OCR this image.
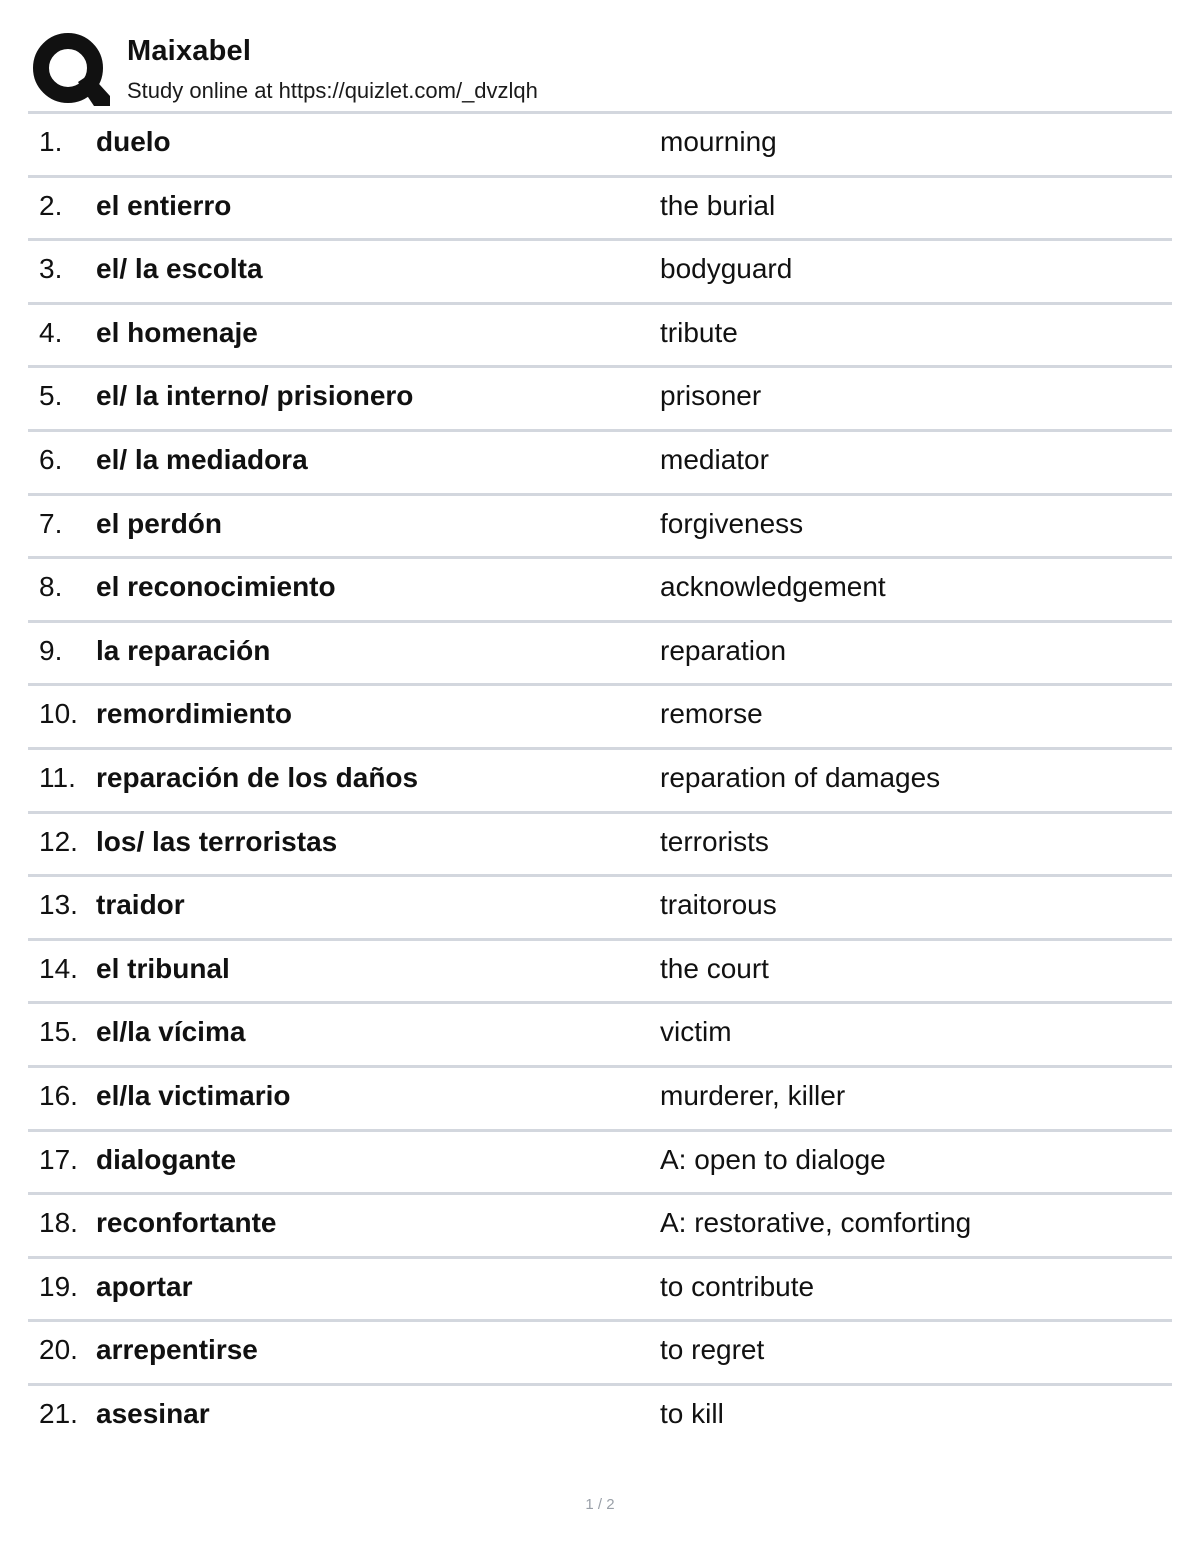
Maixabel
Study online at https://quizlet.com/_dvzlqh
1. duelo	mourning
2. el entierro	the burial
3. el/ la escolta	bodyguard
4. el homenaje	tribute
5. el/ la interno/ prisionero	prisoner
6. el/ la mediadora	mediator
7. el perdón	forgiveness
8. el reconocimiento	acknowledgement
9. la reparación	reparation
10. remordimiento	remorse
11. reparación de los daños	reparation of damages
12. los/ las terroristas	terrorists
13. traidor	traitorous
14. el tribunal	the court
15. el/la vícima	victim
16. el/la victimario	murderer, killer
17. dialogante	A: open to dialoge
18. reconfortante	A: restorative, comforting
19. aportar	to contribute
20. arrepentirse	to regret
21. asesinar	to kill
1 / 2
